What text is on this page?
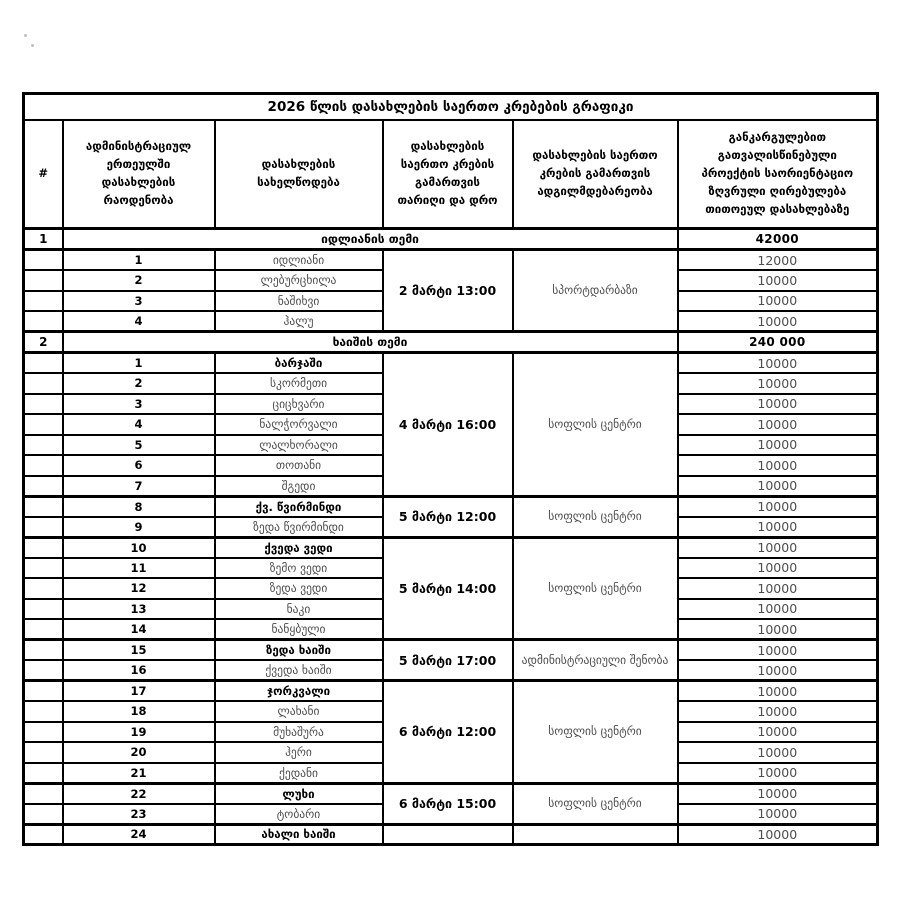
2026 წლის დასახლების საერთო კრებების გრაფიკი					
#	ადმინისტრაციულ ერთეულში დასახლების რაოდენობა	დასახლების სახელწოდება	დასახლების საერთო კრების გამართვის თარიღი და დრო	დასახლების საერთო კრების გამართვის ადგილმდებარეობა	განკარგულებით გათვალისწინებული პროექტის საორიენტაციო ზღვრული ღირებულება თითოეულ დასახლებაზე
1	იდლიანის თემი				42000
	1	იდლიანი	2 მარტი 13:00	სპორტდარბაზი	12000
	2	ლებურცხილა			10000
	3	ნაშიხვი			10000
	4	ჰალუ			10000
2	ხაიშის თემი				240 000
	1	ბარჯაში	4 მარტი 16:00	სოფლის ცენტრი	10000
	2	სკორმეთი			10000
	3	ციცხვარი			10000
	4	ნალჭორვალი			10000
	5	ლალხორალი			10000
	6	თოთანი			10000
	7	შგედი			10000
	8	ქვ. წვირმინდი	5 მარტი 12:00	სოფლის ცენტრი	10000
	9	ზედა წვირმინდი			10000
	10	ქვედა ვედი	5 მარტი 14:00	სოფლის ცენტრი	10000
	11	ზემო ვედი			10000
	12	ზედა ვედი			10000
	13	ნაკი			10000
	14	ნანყბული			10000
	15	ზედა ხაიში	5 მარტი 17:00	ადმინისტრაციული შენობა	10000
	16	ქვედა ხაიში			10000
	17	ჯორკვალი	6 მარტი 12:00	სოფლის ცენტრი	10000
	18	ლახანი			10000
	19	მუხაშურა			10000
	20	ჰერი			10000
	21	ქედანი			10000
	22	ლუხი	6 მარტი 15:00	სოფლის ცენტრი	10000
	23	ტობარი			10000
	24	ახალი ხაიში			10000
